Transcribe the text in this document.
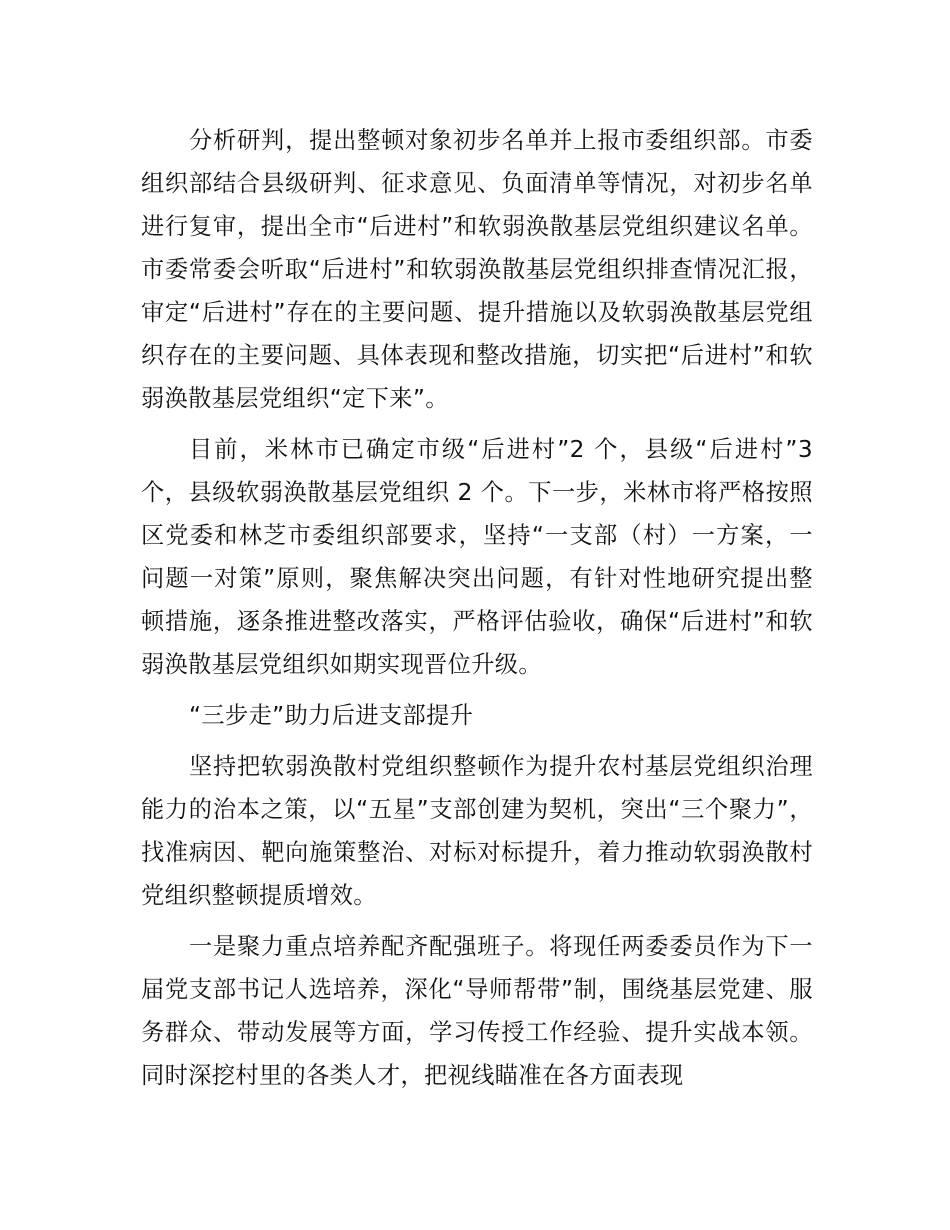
分析研判，提出整顿对象初步名单并上报市委组织部。市委组织部结合县级研判、征求意见、负面清单等情况，对初步名单进行复审，提出全市“后进村”和软弱涣散基层党组织建议名单。市委常委会听取“后进村”和软弱涣散基层党组织排查情况汇报，审定“后进村”存在的主要问题、提升措施以及软弱涣散基层党组织存在的主要问题、具体表现和整改措施，切实把“后进村”和软弱涣散基层党组织“定下来”。

目前，米林市已确定市级“后进村”2 个，县级“后进村”3 个，县级软弱涣散基层党组织 2 个。下一步，米林市将严格按照区党委和林芝市委组织部要求，坚持“一支部（村）一方案，一问题一对策”原则，聚焦解决突出问题，有针对性地研究提出整顿措施，逐条推进整改落实，严格评估验收，确保“后进村”和软弱涣散基层党组织如期实现晋位升级。

“三步走”助力后进支部提升

坚持把软弱涣散村党组织整顿作为提升农村基层党组织治理能力的治本之策，以“五星”支部创建为契机，突出“三个聚力”，找准病因、靶向施策整治、对标对标提升，着力推动软弱涣散村党组织整顿提质增效。

一是聚力重点培养配齐配强班子。将现任两委委员作为下一届党支部书记人选培养，深化“导师帮带”制，围绕基层党建、服务群众、带动发展等方面，学习传授工作经验、提升实战本领。同时深挖村里的各类人才，把视线瞄准在各方面表现
